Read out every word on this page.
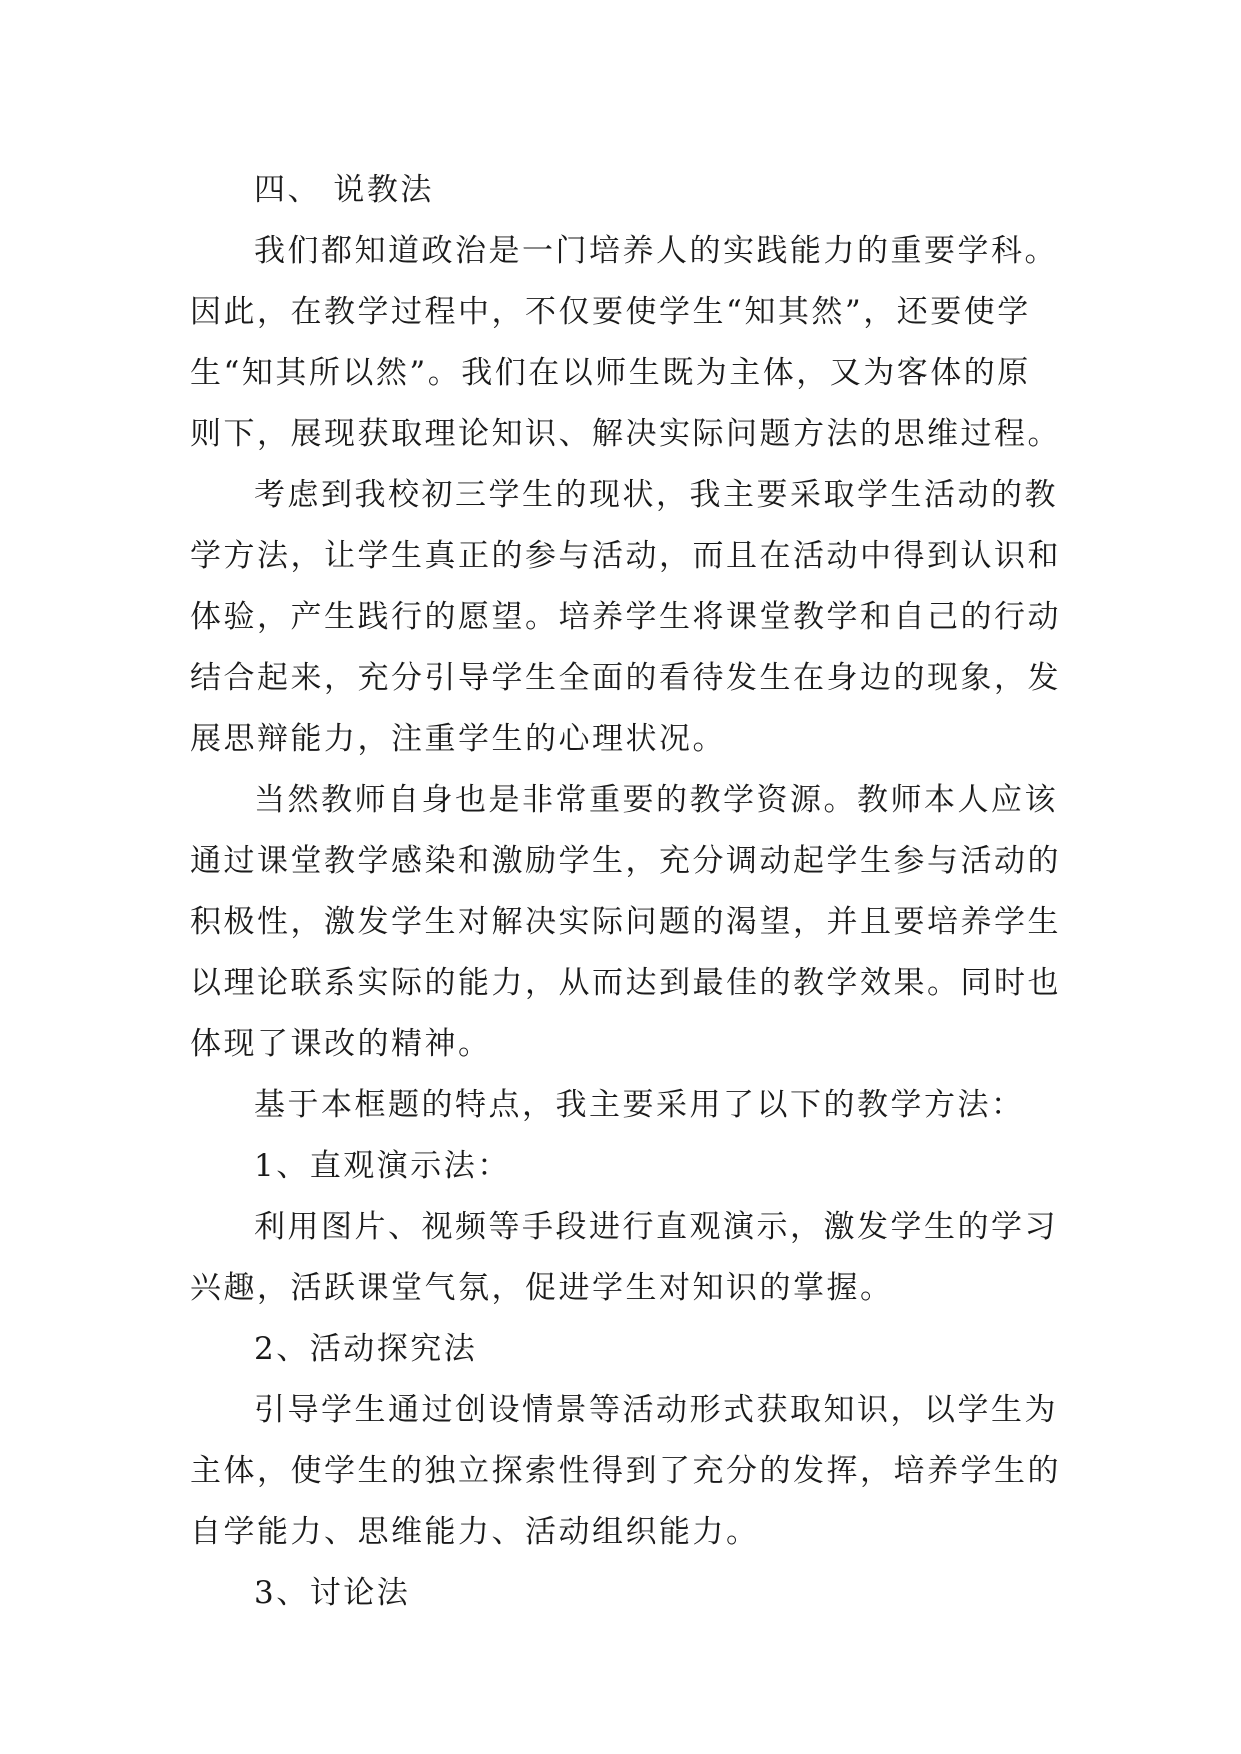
四、 说教法
我们都知道政治是一门培养人的实践能力的重要学科。
因此，在教学过程中，不仅要使学生“知其然”，还要使学
生“知其所以然”。我们在以师生既为主体，又为客体的原
则下，展现获取理论知识、解决实际问题方法的思维过程。
考虑到我校初三学生的现状，我主要采取学生活动的教
学方法，让学生真正的参与活动，而且在活动中得到认识和
体验，产生践行的愿望。培养学生将课堂教学和自己的行动
结合起来，充分引导学生全面的看待发生在身边的现象，发
展思辩能力，注重学生的心理状况。
当然教师自身也是非常重要的教学资源。教师本人应该
通过课堂教学感染和激励学生，充分调动起学生参与活动的
积极性，激发学生对解决实际问题的渴望，并且要培养学生
以理论联系实际的能力，从而达到最佳的教学效果。同时也
体现了课改的精神。
基于本框题的特点，我主要采用了以下的教学方法：
1、直观演示法：
利用图片、视频等手段进行直观演示，激发学生的学习
兴趣，活跃课堂气氛，促进学生对知识的掌握。
2、活动探究法
引导学生通过创设情景等活动形式获取知识，以学生为
主体，使学生的独立探索性得到了充分的发挥，培养学生的
自学能力、思维能力、活动组织能力。
3、讨论法
